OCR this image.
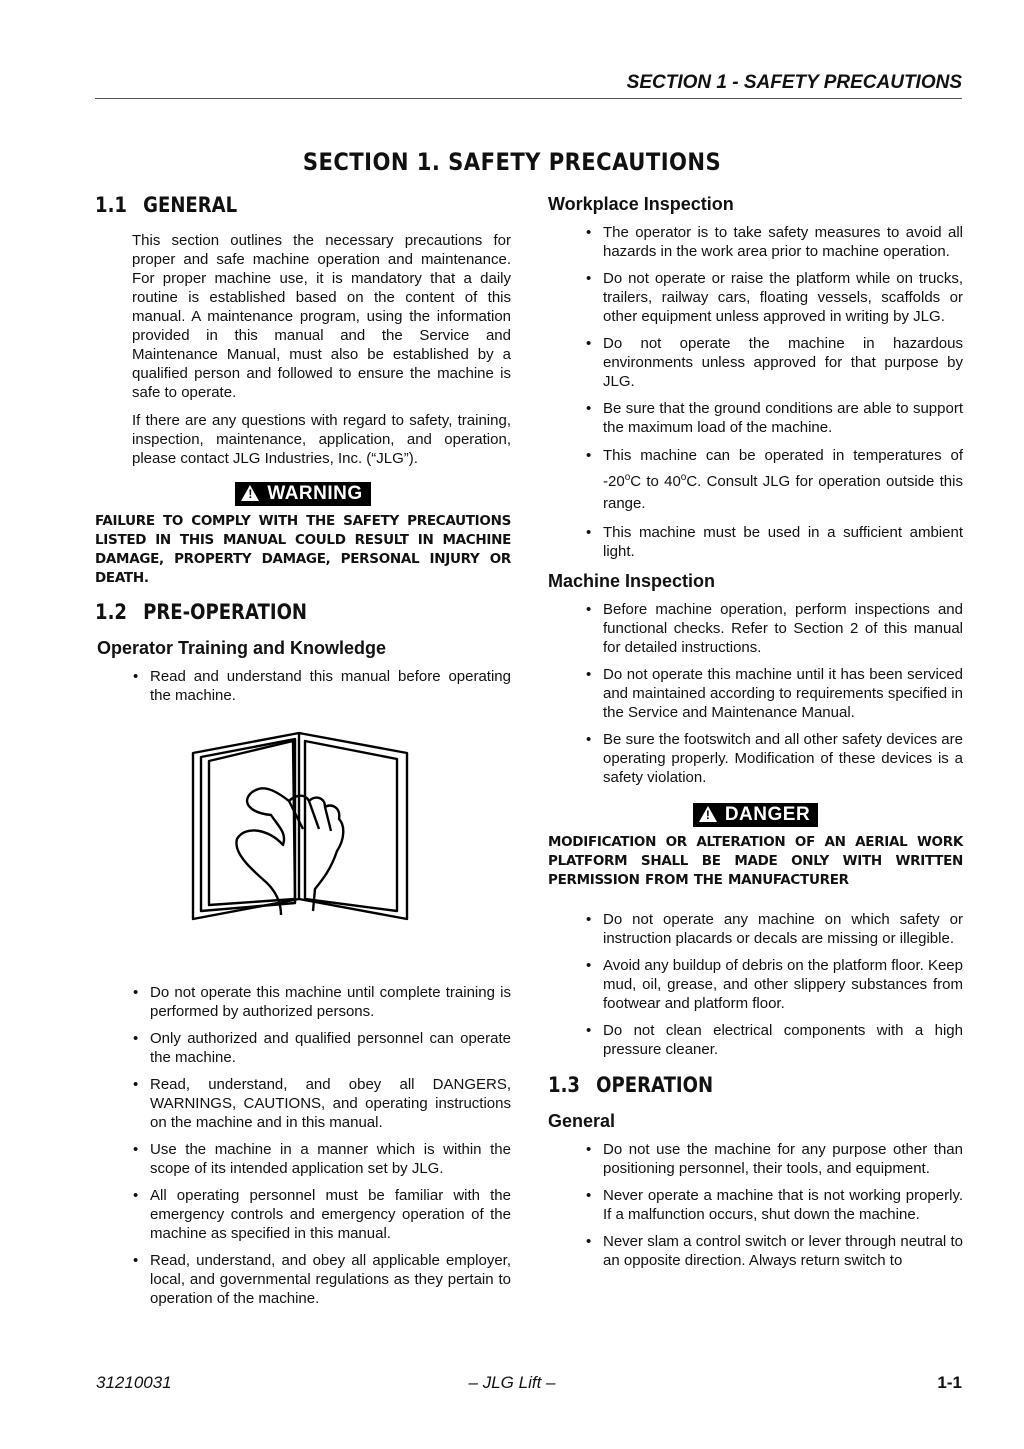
SECTION 1 - SAFETY PRECAUTIONS
SECTION 1. SAFETY PRECAUTIONS
1.1 GENERAL

This section outlines the necessary precautions for proper and safe machine operation and maintenance. For proper machine use, it is mandatory that a daily routine is established based on the content of this manual. A maintenance program, using the information provided in this manual and the Service and Maintenance Manual, must also be established by a qualified person and followed to ensure the machine is safe to operate.

If there are any questions with regard to safety, training, inspection, maintenance, application, and operation, please contact JLG Industries, Inc. (“JLG”).

! WARNING

FAILURE TO COMPLY WITH THE SAFETY PRECAUTIONS LISTED IN THIS MANUAL COULD RESULT IN MACHINE DAMAGE, PROPERTY DAMAGE, PERSONAL INJURY OR DEATH.

1.2 PRE-OPERATION
Operator Training and Knowledge
• Read and understand this manual before operating the machine.
• Do not operate this machine until complete training is performed by authorized persons.
• Only authorized and qualified personnel can operate the machine.
• Read, understand, and obey all DANGERS, WARNINGS, CAUTIONS, and operating instructions on the machine and in this manual.
• Use the machine in a manner which is within the scope of its intended application set by JLG.
• All operating personnel must be familiar with the emergency controls and emergency operation of the machine as specified in this manual.
• Read, understand, and obey all applicable employer, local, and governmental regulations as they pertain to operation of the machine.
Workplace Inspection
• The operator is to take safety measures to avoid all hazards in the work area prior to machine operation.
• Do not operate or raise the platform while on trucks, trailers, railway cars, floating vessels, scaffolds or other equipment unless approved in writing by JLG.
• Do not operate the machine in hazardous environments unless approved for that purpose by JLG.
• Be sure that the ground conditions are able to support the maximum load of the machine.
• This machine can be operated in temperatures of -20$^o$C to 40$^o$C. Consult JLG for operation outside this range.
• This machine must be used in a sufficient ambient light.
Machine Inspection
• Before machine operation, perform inspections and functional checks. Refer to Section 2 of this manual for detailed instructions.
• Do not operate this machine until it has been serviced and maintained according to requirements specified in the Service and Maintenance Manual.
• Be sure the footswitch and all other safety devices are operating properly. Modification of these devices is a safety violation.
! DANGER

MODIFICATION OR ALTERATION OF AN AERIAL WORK PLATFORM SHALL BE MADE ONLY WITH WRITTEN PERMISSION FROM THE MANUFACTURER

• Do not operate any machine on which safety or instruction placards or decals are missing or illegible.
• Avoid any buildup of debris on the platform floor. Keep mud, oil, grease, and other slippery substances from footwear and platform floor.
• Do not clean electrical components with a high pressure cleaner.
1.3 OPERATION
General
• Do not use the machine for any purpose other than positioning personnel, their tools, and equipment.
• Never operate a machine that is not working properly. If a malfunction occurs, shut down the machine.
• Never slam a control switch or lever through neutral to an opposite direction. Always return switch to
31210031	– JLG Lift –	1-1
